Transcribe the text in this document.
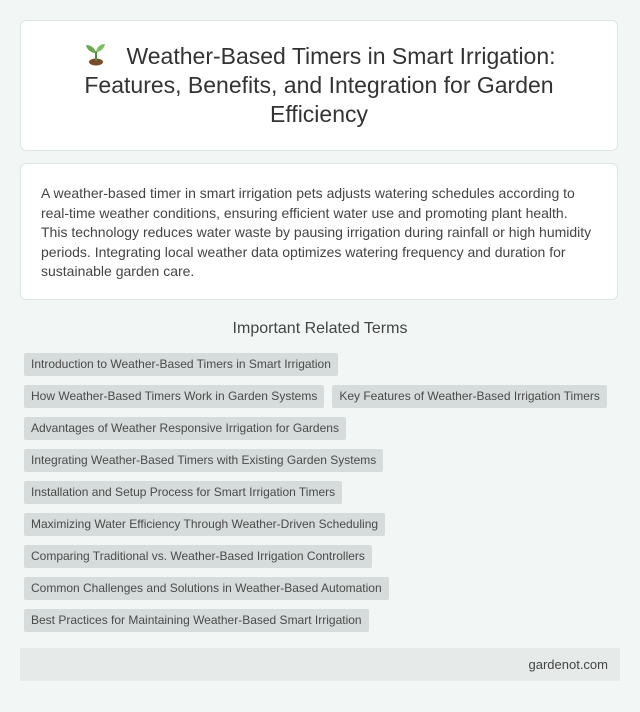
Weather-Based Timers in Smart Irrigation: Features, Benefits, and Integration for Garden Efficiency

A weather-based timer in smart irrigation pets adjusts watering schedules according to real-time weather conditions, ensuring efficient water use and promoting plant health. This technology reduces water waste by pausing irrigation during rainfall or high humidity periods. Integrating local weather data optimizes watering frequency and duration for sustainable garden care.

Important Related Terms
Introduction to Weather-Based Timers in Smart Irrigation
How Weather-Based Timers Work in Garden Systems	Key Features of Weather-Based Irrigation Timers
Advantages of Weather Responsive Irrigation for Gardens
Integrating Weather-Based Timers with Existing Garden Systems
Installation and Setup Process for Smart Irrigation Timers
Maximizing Water Efficiency Through Weather-Driven Scheduling
Comparing Traditional vs. Weather-Based Irrigation Controllers
Common Challenges and Solutions in Weather-Based Automation
Best Practices for Maintaining Weather-Based Smart Irrigation
gardenot.com
